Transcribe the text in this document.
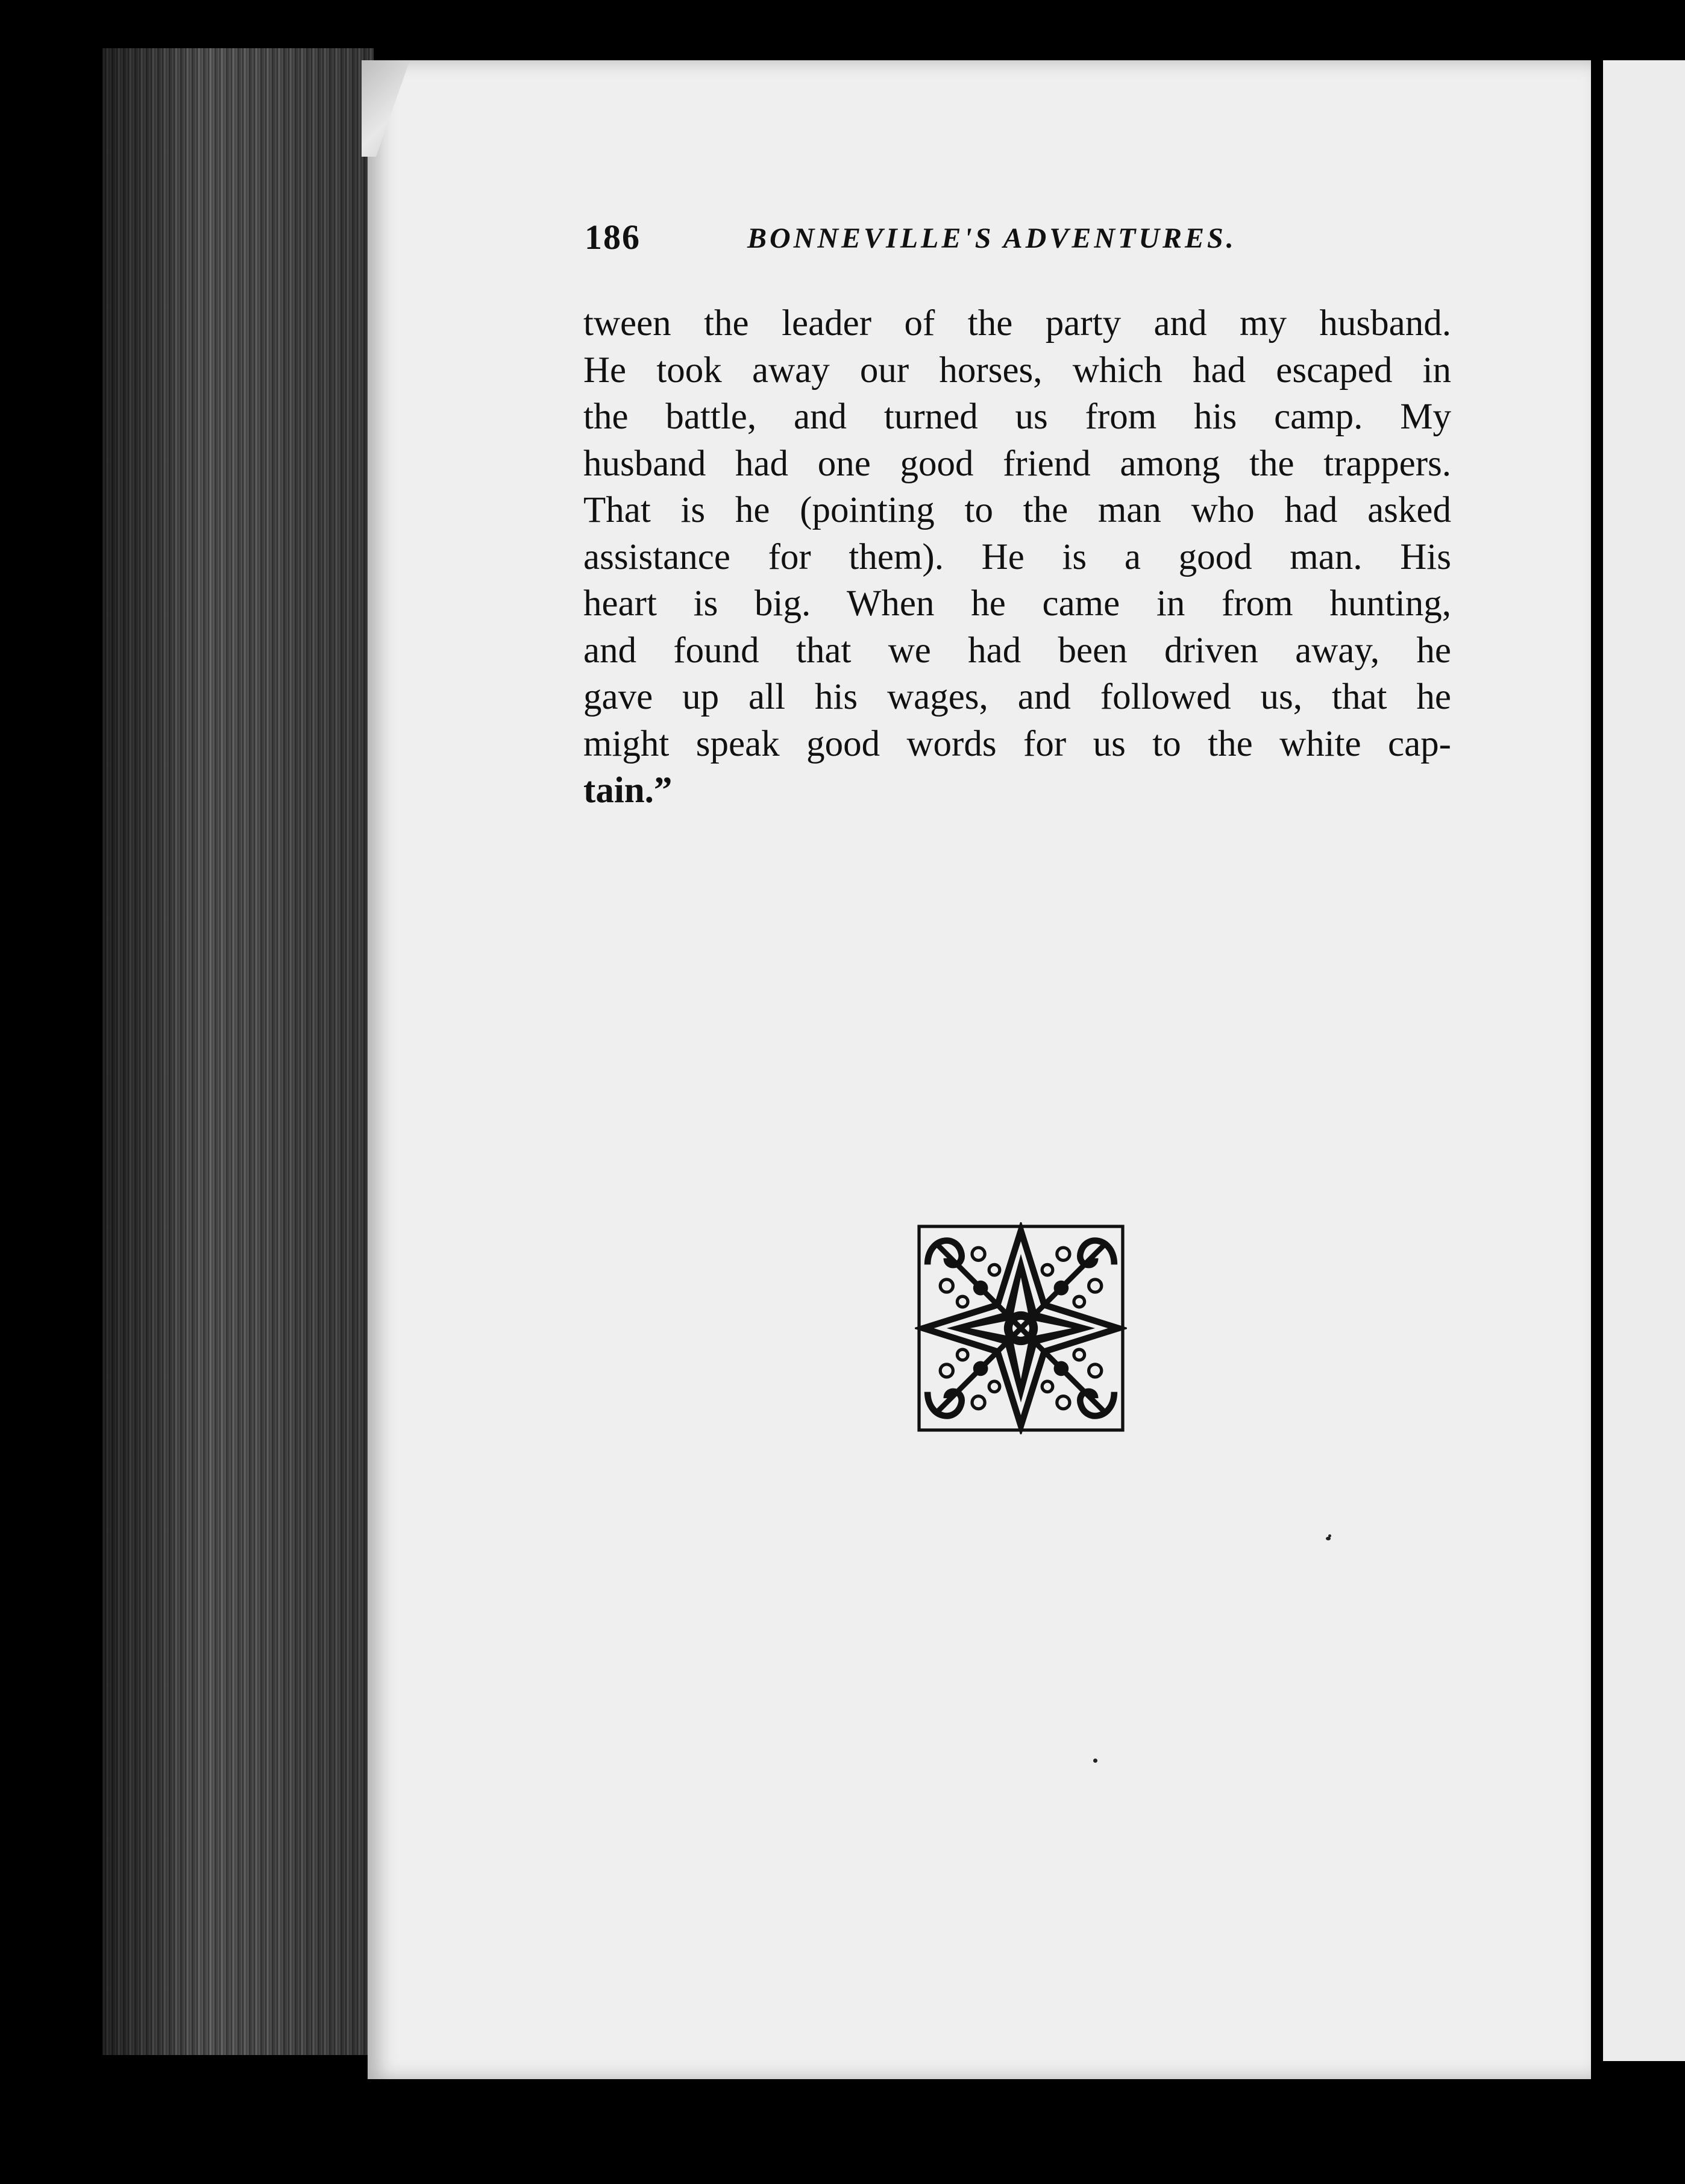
186	BONNEVILLE'S ADVENTURES.
tween the leader of the party and my husband.
He took away our horses, which had escaped in
the battle, and turned us from his camp. My
husband had one good friend among the trappers.
That is he (pointing to the man who had asked
assistance for them). He is a good man. His
heart is big. When he came in from hunting,
and found that we had been driven away, he
gave up all his wages, and followed us, that he
might speak good words for us to the white cap-
tain.”
